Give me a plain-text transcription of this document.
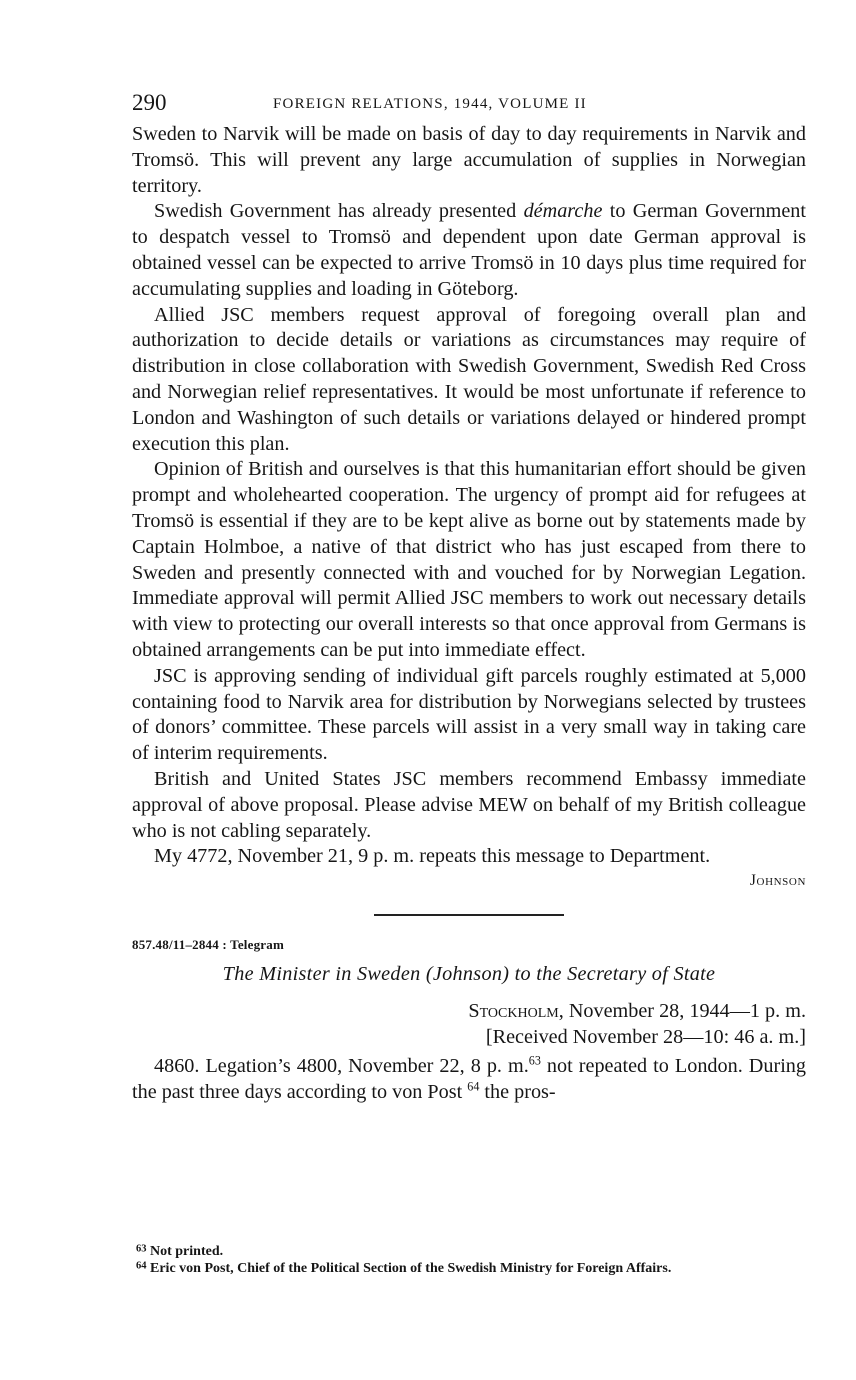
290	FOREIGN RELATIONS, 1944, VOLUME II

Sweden to Narvik will be made on basis of day to day requirements in Narvik and Tromsö. This will prevent any large accumulation of supplies in Norwegian territory.

Swedish Government has already presented démarche to German Government to despatch vessel to Tromsö and dependent upon date German approval is obtained vessel can be expected to arrive Tromsö in 10 days plus time required for accumulating supplies and loading in Göteborg.

Allied JSC members request approval of foregoing overall plan and authorization to decide details or variations as circumstances may require of distribution in close collaboration with Swedish Government, Swedish Red Cross and Norwegian relief representatives. It would be most unfortunate if reference to London and Washington of such details or variations delayed or hindered prompt execution this plan.

Opinion of British and ourselves is that this humanitarian effort should be given prompt and wholehearted cooperation. The urgency of prompt aid for refugees at Tromsö is essential if they are to be kept alive as borne out by statements made by Captain Holmboe, a native of that district who has just escaped from there to Sweden and presently connected with and vouched for by Norwegian Legation. Immediate approval will permit Allied JSC members to work out necessary details with view to protecting our overall interests so that once approval from Germans is obtained arrangements can be put into immediate effect.

JSC is approving sending of individual gift parcels roughly estimated at 5,000 containing food to Narvik area for distribution by Norwegians selected by trustees of donors’ committee. These parcels will assist in a very small way in taking care of interim requirements.

British and United States JSC members recommend Embassy immediate approval of above proposal. Please advise MEW on behalf of my British colleague who is not cabling separately.

My 4772, November 21, 9 p. m. repeats this message to Department.

Johnson
857.48/11–2844 : Telegram
The Minister in Sweden (Johnson) to the Secretary of State
Stockholm, November 28, 1944—1 p. m.
[Received November 28—10: 46 a. m.]

4860. Legation’s 4800, November 22, 8 p. m.$^{63}$ not repeated to London. During the past three days according to von Post $^{64}$ the pros-

$^{63}$ Not printed.

$^{64}$ Eric von Post, Chief of the Political Section of the Swedish Ministry for Foreign Affairs.
